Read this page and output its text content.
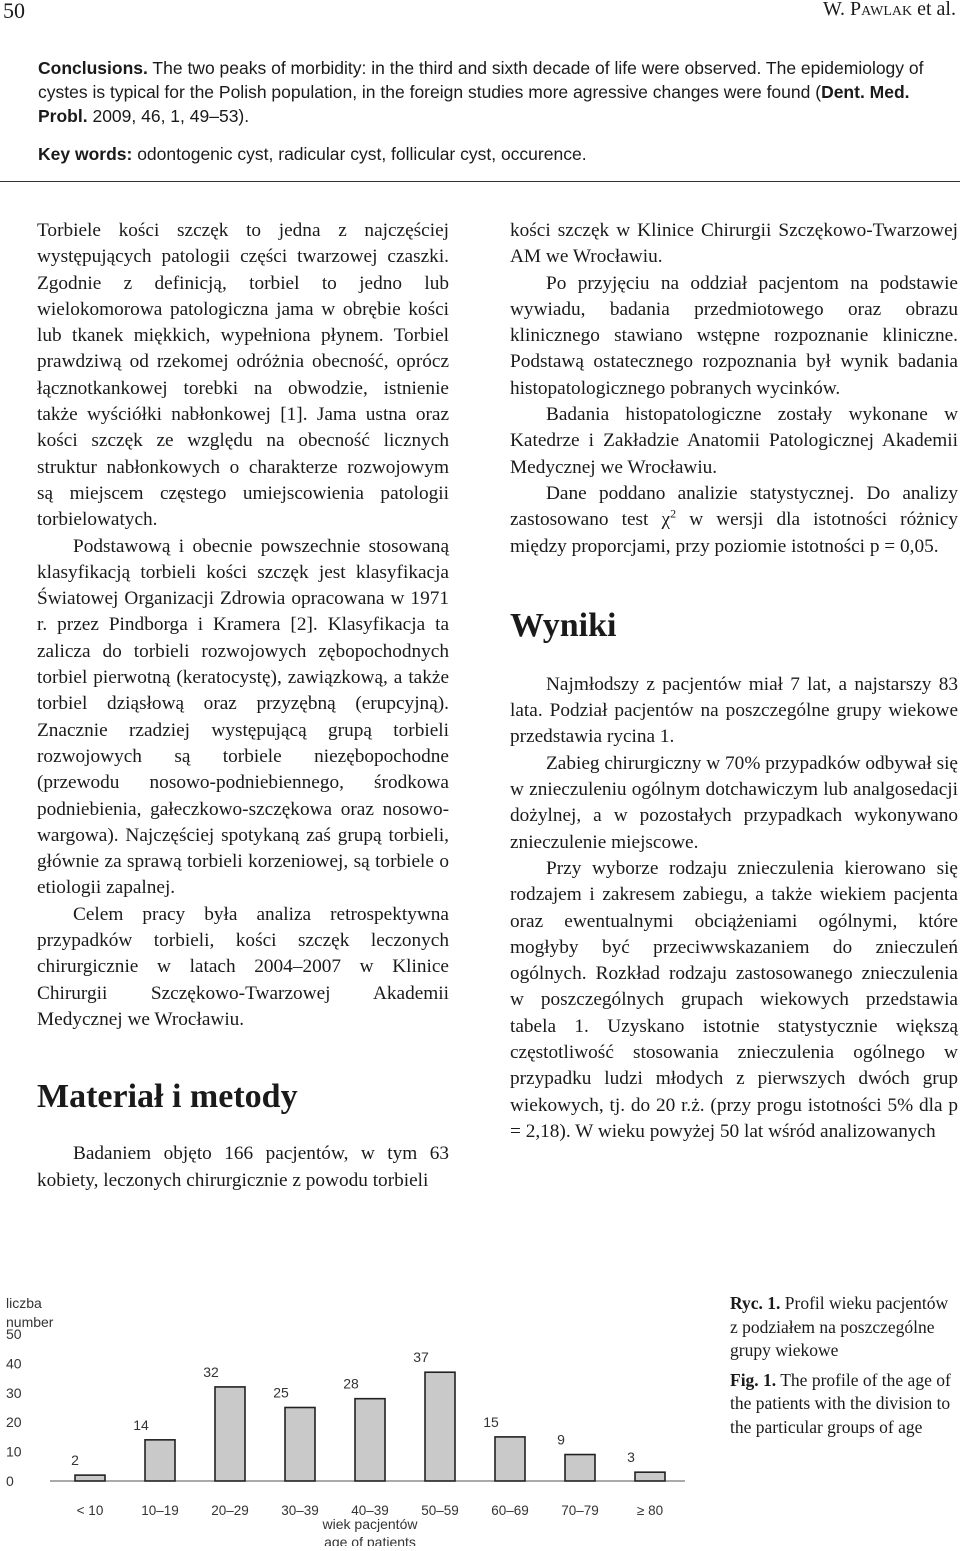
50	W. Pawlak et al.

Conclusions. The two peaks of morbidity: in the third and sixth decade of life were observed. The epidemiology of cystes is typical for the Polish population, in the foreign studies more agressive changes were found (Dent. Med. Probl. 2009, 46, 1, 49–53).

Key words: odontogenic cyst, radicular cyst, follicular cyst, occurence.

Torbiele kości szczęk to jedna z najczęściej występujących patologii części twarzowej czaszki. Zgodnie z definicją, torbiel to jedno lub wielokomorowa patologiczna jama w obrębie kości lub tkanek miękkich, wypełniona płynem. Torbiel prawdziwą od rzekomej odróżnia obecność, oprócz łącznotkankowej torebki na obwodzie, istnienie także wyściółki nabłonkowej [1]. Jama ustna oraz kości szczęk ze względu na obecność licznych struktur nabłonkowych o charakterze rozwojowym są miejscem częstego umiejscowienia patologii torbielowatych.

Podstawową i obecnie powszechnie stosowaną klasyfikacją torbieli kości szczęk jest klasyfikacja Światowej Organizacji Zdrowia opracowana w 1971 r. przez Pindborga i Kramera [2]. Klasyfikacja ta zalicza do torbieli rozwojowych zębopochodnych torbiel pierwotną (keratocystę), zawiązkową, a także torbiel dziąsłową oraz przyzębną (erupcyjną). Znacznie rzadziej występującą grupą torbieli rozwojowych są torbiele niezębopochodne (przewodu nosowo-podniebiennego, środkowa podniebienia, gałeczkowo-szczękowa oraz nosowo-wargowa). Najczęściej spotykaną zaś grupą torbieli, głównie za sprawą torbieli korzeniowej, są torbiele o etiologii zapalnej.

Celem pracy była analiza retrospektywna przypadków torbieli, kości szczęk leczonych chirurgicznie w latach 2004–2007 w Klinice Chirurgii Szczękowo-Twarzowej Akademii Medycznej we Wrocławiu.

Materiał i metody

Badaniem objęto 166 pacjentów, w tym 63 kobiety, leczonych chirurgicznie z powodu torbieli

kości szczęk w Klinice Chirurgii Szczękowo-Twarzowej AM we Wrocławiu.

Po przyjęciu na oddział pacjentom na podstawie wywiadu, badania przedmiotowego oraz obrazu klinicznego stawiano wstępne rozpoznanie kliniczne. Podstawą ostatecznego rozpoznania był wynik badania histopatologicznego pobranych wycinków.

Badania histopatologiczne zostały wykonane w Katedrze i Zakładzie Anatomii Patologicznej Akademii Medycznej we Wrocławiu.

Dane poddano analizie statystycznej. Do analizy zastosowano test $\chi^2$ w wersji dla istotności różnicy między proporcjami, przy poziomie istotności p = 0,05.

Wyniki

Najmłodszy z pacjentów miał 7 lat, a najstarszy 83 lata. Podział pacjentów na poszczególne grupy wiekowe przedstawia rycina 1.

Zabieg chirurgiczny w 70% przypadków odbywał się w znieczuleniu ogólnym dotchawiczym lub analgosedacji dożylnej, a w pozostałych przypadkach wykonywano znieczulenie miejscowe.

Przy wyborze rodzaju znieczulenia kierowano się rodzajem i zakresem zabiegu, a także wiekiem pacjenta oraz ewentualnymi obciążeniami ogólnymi, które mogłyby być przeciwwskazaniem do znieczuleń ogólnych. Rozkład rodzaju zastosowanego znieczulenia w poszczególnych grupach wiekowych przedstawia tabela 1. Uzyskano istotnie statystycznie większą częstotliwość stosowania znieczulenia ogólnego w przypadku ludzi młodych z pierwszych dwóch grup wiekowych, tj. do 20 r.ż. (przy progu istotności 5% dla p = 2,18). W wieku powyżej 50 lat wśród analizowanych

liczba
number
0
10
20
30
40
50
2
< 10
14
10–19
32
20–29
25
30–39
28
40–39
37
50–59
15
60–69
9
70–79
3
≥ 80
wiek pacjentów
age of patients

Ryc. 1. Profil wieku pacjentów z podziałem na poszczególne grupy wiekowe

Fig. 1. The profile of the age of the patients with the division to the particular groups of age
